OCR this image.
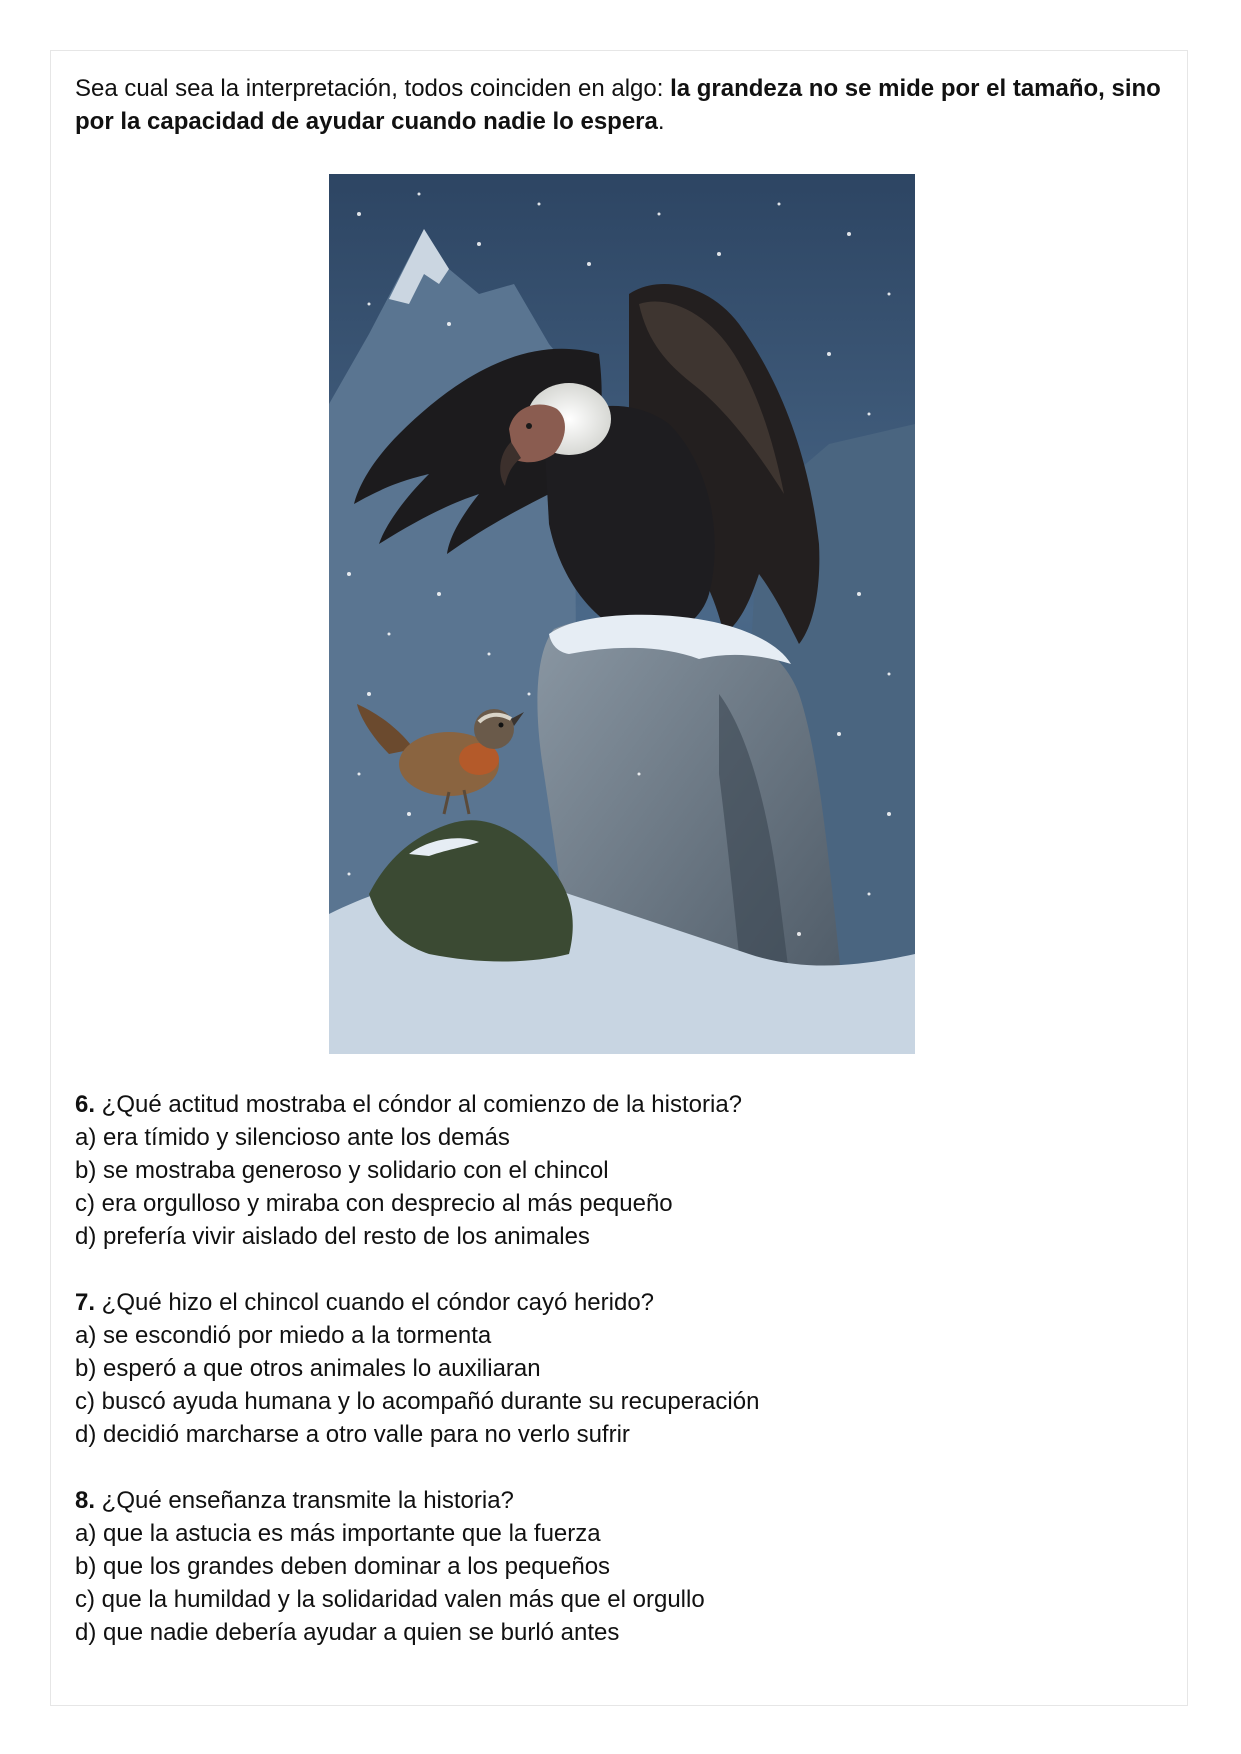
Sea cual sea la interpretación, todos coinciden en algo: la grandeza no se mide por el tamaño, sino por la capacidad de ayudar cuando nadie lo espera.

6. ¿Qué actitud mostraba el cóndor al comienzo de la historia?

a) era tímido y silencioso ante los demás

b) se mostraba generoso y solidario con el chincol

c) era orgulloso y miraba con desprecio al más pequeño

d) prefería vivir aislado del resto de los animales

7. ¿Qué hizo el chincol cuando el cóndor cayó herido?

a) se escondió por miedo a la tormenta

b) esperó a que otros animales lo auxiliaran

c) buscó ayuda humana y lo acompañó durante su recuperación

d) decidió marcharse a otro valle para no verlo sufrir

8. ¿Qué enseñanza transmite la historia?

a) que la astucia es más importante que la fuerza

b) que los grandes deben dominar a los pequeños

c) que la humildad y la solidaridad valen más que el orgullo

d) que nadie debería ayudar a quien se burló antes
